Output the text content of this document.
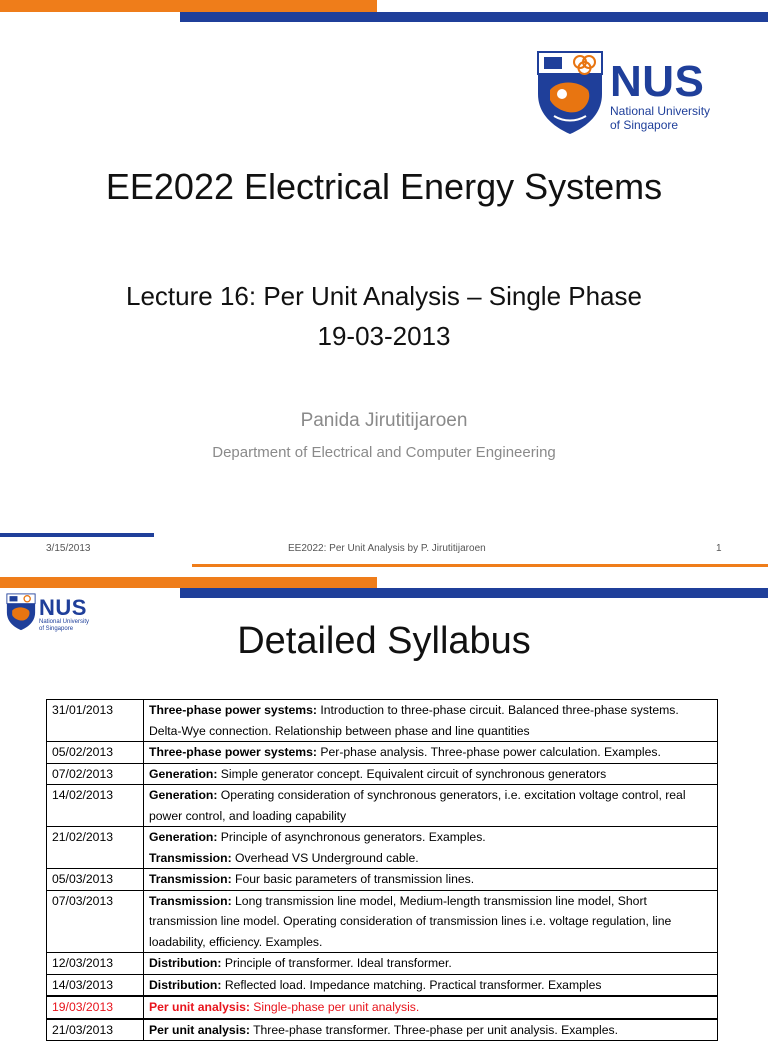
NUS
National University
of Singapore
EE2022 Electrical Energy Systems
Lecture 16: Per Unit Analysis – Single Phase
19-03-2013
Panida Jirutitijaroen
Department of Electrical and Computer Engineering
3/15/2013	EE2022: Per Unit Analysis by P. Jirutitijaroen	1
NUS
National University
of Singapore	Detailed Syllabus
31/01/2013	Three-phase power systems: Introduction to three-phase circuit. Balanced three-phase systems. Delta-Wye connection. Relationship between phase and line quantities

05/02/2013	Three-phase power systems: Per-phase analysis. Three-phase power calculation. Examples.

07/02/2013	Generation: Simple generator concept. Equivalent circuit of synchronous generators

14/02/2013	Generation: Operating consideration of synchronous generators, i.e. excitation voltage control, real power control, and loading capability

21/02/2013	Generation: Principle of asynchronous generators. Examples.
Transmission: Overhead VS Underground cable.

05/03/2013	Transmission: Four basic parameters of transmission lines.

07/03/2013	Transmission: Long transmission line model, Medium-length transmission line model, Short transmission line model. Operating consideration of transmission lines i.e. voltage regulation, line loadability, efficiency. Examples.

12/03/2013	Distribution: Principle of transformer. Ideal transformer.

14/03/2013	Distribution: Reflected load. Impedance matching. Practical transformer. Examples

19/03/2013	Per unit analysis: Single-phase per unit analysis.

21/03/2013	Per unit analysis: Three-phase transformer. Three-phase per unit analysis. Examples.
